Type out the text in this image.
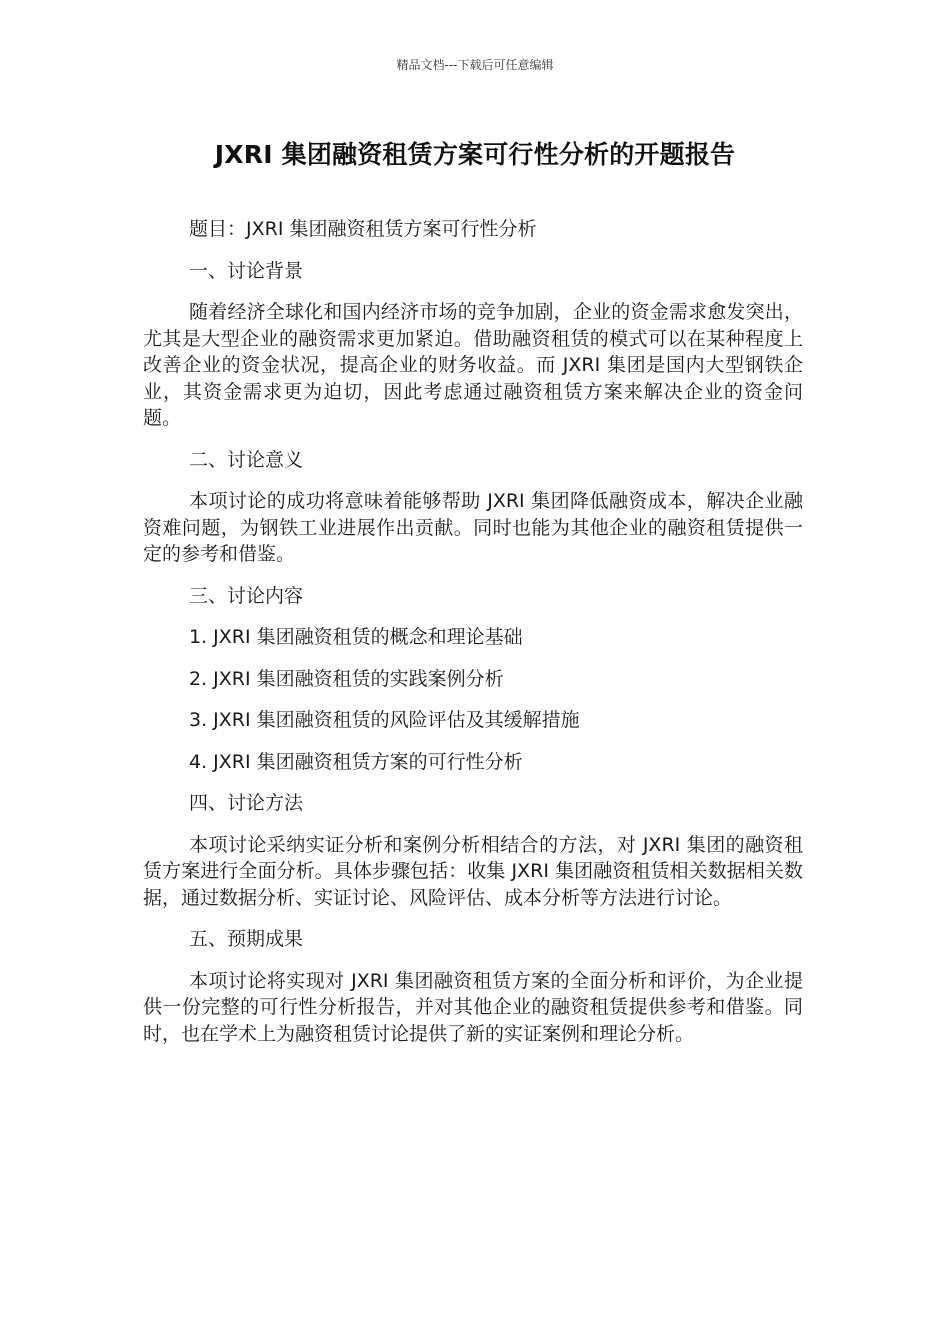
精品文档---下载后可任意编辑
JXRI 集团融资租赁方案可行性分析的开题报告

题目：JXRI 集团融资租赁方案可行性分析

一、讨论背景

随着经济全球化和国内经济市场的竞争加剧，企业的资金需求愈发突出，尤其是大型企业的融资需求更加紧迫。借助融资租赁的模式可以在某种程度上改善企业的资金状况，提高企业的财务收益。而 JXRI 集团是国内大型钢铁企业，其资金需求更为迫切，因此考虑通过融资租赁方案来解决企业的资金问题。

二、讨论意义

本项讨论的成功将意味着能够帮助 JXRI 集团降低融资成本，解决企业融资难问题，为钢铁工业进展作出贡献。同时也能为其他企业的融资租赁提供一定的参考和借鉴。

三、讨论内容

1. JXRI 集团融资租赁的概念和理论基础

2. JXRI 集团融资租赁的实践案例分析

3. JXRI 集团融资租赁的风险评估及其缓解措施

4. JXRI 集团融资租赁方案的可行性分析

四、讨论方法

本项讨论采纳实证分析和案例分析相结合的方法，对 JXRI 集团的融资租赁方案进行全面分析。具体步骤包括：收集 JXRI 集团融资租赁相关数据相关数据，通过数据分析、实证讨论、风险评估、成本分析等方法进行讨论。

五、预期成果

本项讨论将实现对 JXRI 集团融资租赁方案的全面分析和评价，为企业提供一份完整的可行性分析报告，并对其他企业的融资租赁提供参考和借鉴。同时，也在学术上为融资租赁讨论提供了新的实证案例和理论分析。
